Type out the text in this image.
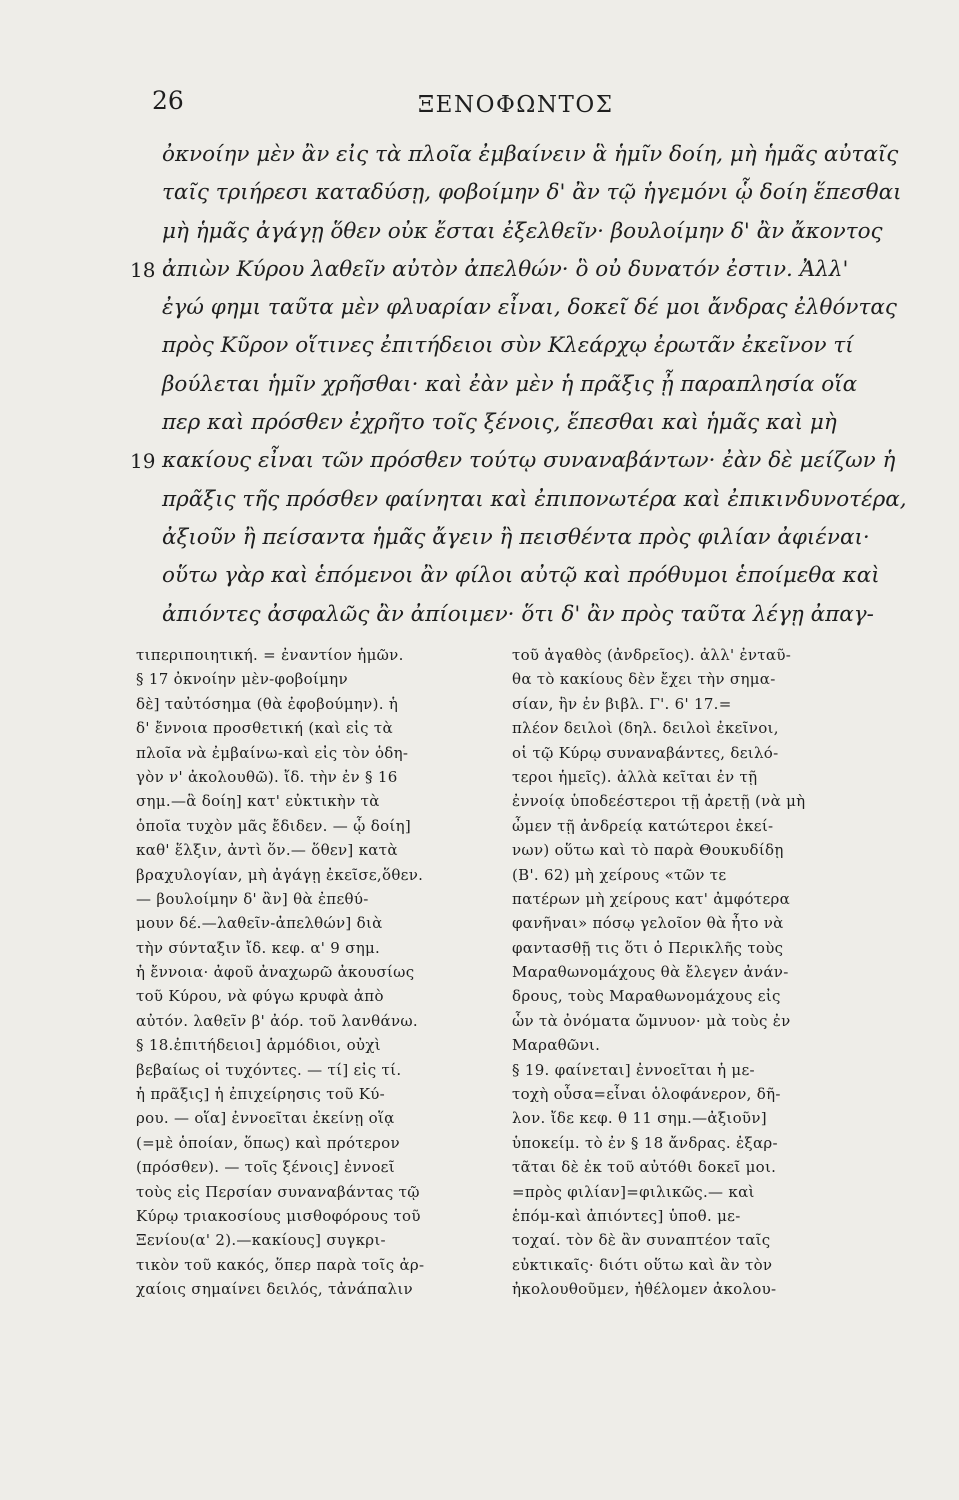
26	ΞΕΝΟΦΩΝΤΟΣ
ὀκνοίην μὲν ἂν εἰς τὰ πλοῖα ἐμβαίνειν ἃ ἡμῖν δοίη, μὴ ἡμᾶς αὐταῖς
ταῖς τριήρεσι καταδύσῃ, φοβοίμην δ' ἂν τῷ ἡγεμόνι ᾧ δοίη ἕπεσθαι
μὴ ἡμᾶς ἀγάγῃ ὅθεν οὐκ ἔσται ἐξελθεῖν· βουλοίμην δ' ἂν ἄκοντος
18 ἀπιὼν Κύρου λαθεῖν αὐτὸν ἀπελθών· ὃ οὐ δυνατόν ἐστιν. Ἀλλ'
ἐγώ φημι ταῦτα μὲν φλυαρίαν εἶναι, δοκεῖ δέ μοι ἄνδρας ἐλθόντας
πρὸς Κῦρον οἵτινες ἐπιτήδειοι σὺν Κλεάρχῳ ἐρωτᾶν ἐκεῖνον τί
βούλεται ἡμῖν χρῆσθαι· καὶ ἐὰν μὲν ἡ πρᾶξις ᾖ παραπλησία οἵα
περ καὶ πρόσθεν ἐχρῆτο τοῖς ξένοις, ἕπεσθαι καὶ ἡμᾶς καὶ μὴ
19 κακίους εἶναι τῶν πρόσθεν τούτῳ συναναβάντων· ἐὰν δὲ μείζων ἡ
πρᾶξις τῆς πρόσθεν φαίνηται καὶ ἐπιπονωτέρα καὶ ἐπικινδυνοτέρα,
ἀξιοῦν ἢ πείσαντα ἡμᾶς ἄγειν ἢ πεισθέντα πρὸς φιλίαν ἀφιέναι·
οὕτω γὰρ καὶ ἑπόμενοι ἂν φίλοι αὐτῷ καὶ πρόθυμοι ἑποίμεθα καὶ
ἀπιόντες ἀσφαλῶς ἂν ἀπίοιμεν· ὅτι δ' ἂν πρὸς ταῦτα λέγῃ ἀπαγ-
τιπεριποιητική. = ἐναντίον ἡμῶν.
§ 17 ὀκνοίην μὲν-φοβοίμην
δὲ] ταὐτόσημα (θὰ ἐφοβούμην). ἡ
δ' ἔννοια προσθετική (καὶ εἰς τὰ
πλοῖα νὰ ἐμβαίνω-καὶ εἰς τὸν ὁδη-
γὸν ν' ἀκολουθῶ). ἴδ. τὴν ἐν § 16
σημ.—ἃ δοίη] κατ' εὐκτικὴν τὰ
ὁποῖα τυχὸν μᾶς ἔδιδεν. — ᾧ δοίη]
καθ' ἕλξιν, ἀντὶ ὅν.— ὅθεν] κατὰ
βραχυλογίαν, μὴ ἀγάγῃ ἐκεῖσε,ὅθεν.
— βουλοίμην δ' ἂν] θὰ ἐπεθύ-
μουν δέ.—λαθεῖν-ἀπελθών] διὰ
τὴν σύνταξιν ἴδ. κεφ. α' 9 σημ.
ἡ ἔννοια· ἀφοῦ ἀναχωρῶ ἀκουσίως
τοῦ Κύρου, νὰ φύγω κρυφὰ ἀπὸ
αὐτόν. λαθεῖν β' ἀόρ. τοῦ λανθάνω.
§ 18.ἐπιτήδειοι] ἁρμόδιοι, οὐχὶ
βεβαίως οἱ τυχόντες. — τί] εἰς τί.
ἡ πρᾶξις] ἡ ἐπιχείρησις τοῦ Κύ-
ρου. — οἵα] ἐννοεῖται ἐκείνῃ οἵᾳ
(=μὲ ὁποίαν, ὅπως) καὶ πρότερον
(πρόσθεν). — τοῖς ξένοις] ἐννοεῖ
τοὺς εἰς Περσίαν συναναβάντας τῷ
Κύρῳ τριακοσίους μισθοφόρους τοῦ
Ξενίου(α' 2).—κακίους] συγκρι-
τικὸν τοῦ κακός, ὅπερ παρὰ τοῖς ἀρ-
χαίοις σημαίνει δειλός, τἀνάπαλιν
τοῦ ἀγαθὸς (ἀνδρεῖος). ἀλλ' ἐνταῦ-
θα τὸ κακίους δὲν ἔχει τὴν σημα-
σίαν, ἣν ἐν βιβλ. Γ'. 6' 17.=
πλέον δειλοὶ (δηλ. δειλοὶ ἐκεῖνοι,
οἱ τῷ Κύρῳ συναναβάντες, δειλό-
τεροι ἡμεῖς). ἀλλὰ κεῖται ἐν τῇ
ἐννοίᾳ ὑποδεέστεροι τῇ ἀρετῇ (νὰ μὴ
ὦμεν τῇ ἀνδρείᾳ κατώτεροι ἐκεί-
νων) οὕτω καὶ τὸ παρὰ Θουκυδίδῃ
(Β'. 62) μὴ χείρους «τῶν τε
πατέρων μὴ χείρους κατ' ἀμφότερα
φανῆναι» πόσῳ γελοῖον θὰ ἦτο νὰ
φαντασθῇ τις ὅτι ὁ Περικλῆς τοὺς
Μαραθωνομάχους θὰ ἔλεγεν ἀνάν-
δρους, τοὺς Μαραθωνομάχους εἰς
ὧν τὰ ὀνόματα ὤμνυον· μὰ τοὺς ἐν
Μαραθῶνι.
§ 19. φαίνεται] ἐννοεῖται ἡ με-
τοχὴ οὖσα=εἶναι ὁλοφάνερον, δῆ-
λον. ἴδε κεφ. θ 11 σημ.—ἀξιοῦν]
ὑποκείμ. τὸ ἐν § 18 ἄνδρας. ἐξαρ-
τᾶται δὲ ἐκ τοῦ αὐτόθι δοκεῖ μοι.
=πρὸς φιλίαν]=φιλικῶς.— καὶ
ἑπόμ-καὶ ἀπιόντες] ὑποθ. με-
τοχαί. τὸν δὲ ἂν συναπτέον ταῖς
εὐκτικαῖς· διότι οὕτω καὶ ἂν τὸν
ἠκολουθοῦμεν, ἠθέλομεν ἀκολου-
